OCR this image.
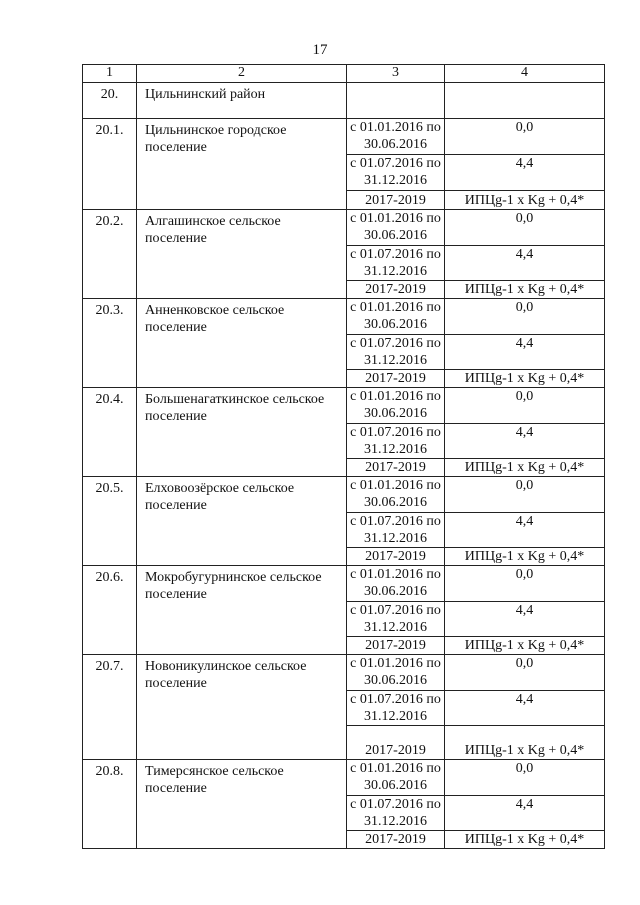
17
1	2	3	4
20.	Цильнинский район		
20.1.	Цильнинское городское поселение	с 01.01.2016 по 30.06.2016	0,0
		с 01.07.2016 по 31.12.2016	4,4
		2017-2019	ИПЦg-1 х Kg + 0,4*
20.2.	Алгашинское сельское поселение	с 01.01.2016 по 30.06.2016	0,0
		с 01.07.2016 по 31.12.2016	4,4
		2017-2019	ИПЦg-1 х Kg + 0,4*
20.3.	Анненковское сельское поселение	с 01.01.2016 по 30.06.2016	0,0
		с 01.07.2016 по 31.12.2016	4,4
		2017-2019	ИПЦg-1 х Kg + 0,4*
20.4.	Большенагаткинское сельское поселение	с 01.01.2016 по 30.06.2016	0,0
		с 01.07.2016 по 31.12.2016	4,4
		2017-2019	ИПЦg-1 х Kg + 0,4*
20.5.	Елховоозёрское сельское поселение	с 01.01.2016 по 30.06.2016	0,0
		с 01.07.2016 по 31.12.2016	4,4
		2017-2019	ИПЦg-1 х Kg + 0,4*
20.6.	Мокробугурнинское сельское поселение	с 01.01.2016 по 30.06.2016	0,0
		с 01.07.2016 по 31.12.2016	4,4
		2017-2019	ИПЦg-1 х Kg + 0,4*
20.7.	Новоникулинское сельское поселение	с 01.01.2016 по 30.06.2016	0,0
		с 01.07.2016 по 31.12.2016	4,4
		2017-2019	ИПЦg-1 х Kg + 0,4*
20.8.	Тимерсянское сельское поселение	с 01.01.2016 по 30.06.2016	0,0
		с 01.07.2016 по 31.12.2016	4,4
		2017-2019	ИПЦg-1 х Kg + 0,4*
